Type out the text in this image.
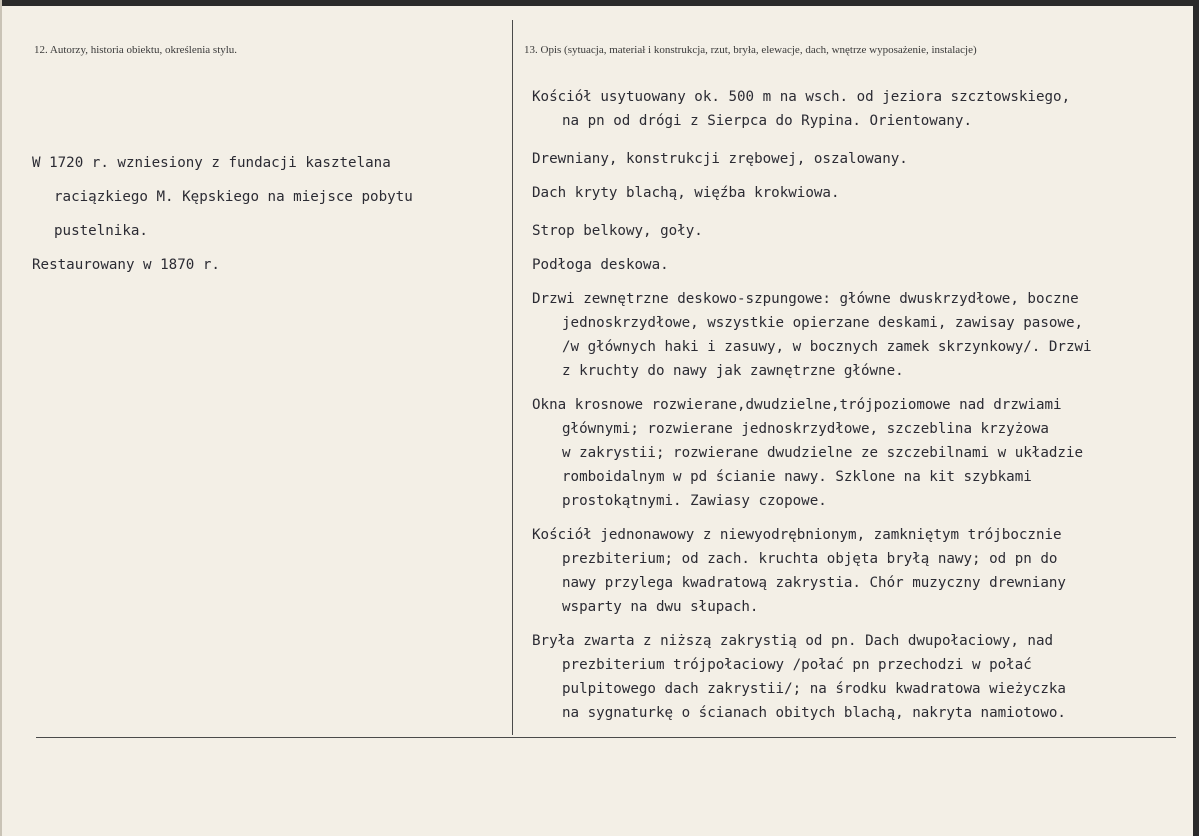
12. Autorzy, historia obiektu, określenia stylu.	13. Opis (sytuacja, materiał i konstrukcja, rzut, bryła, elewacje, dach, wnętrze wyposażenie, instalacje)
W 1720 r. wzniesiony z fundacji kasztelana
raciązkiego M. Kępskiego na miejsce pobytu
pustelnika.
Restaurowany w 1870 r.
Kościół usytuowany ok. 500 m na wsch. od jeziora szcztowskiego,
na pn od drógi z Sierpca do Rypina. Orientowany.
Drewniany, konstrukcji zrębowej, oszalowany.
Dach kryty blachą, więźba krokwiowa.
Strop belkowy, goły.
Podłoga deskowa.
Drzwi zewnętrzne deskowo-szpungowe: główne dwuskrzydłowe, boczne
jednoskrzydłowe, wszystkie opierzane deskami, zawisay pasowe,
/w głównych haki i zasuwy, w bocznych zamek skrzynkowy/. Drzwi
z kruchty do nawy jak zawnętrzne główne.
Okna krosnowe rozwierane,dwudzielne,trójpoziomowe nad drzwiami
głównymi; rozwierane jednoskrzydłowe, szczeblina krzyżowa
w zakrystii; rozwierane dwudzielne ze szczebilnami w układzie
romboidalnym w pd ścianie nawy. Szklone na kit szybkami
prostokątnymi. Zawiasy czopowe.
Kościół jednonawowy z niewyodrębnionym, zamkniętym trójbocznie
prezbiterium; od zach. kruchta objęta bryłą nawy; od pn do
nawy przylega kwadratową zakrystia. Chór muzyczny drewniany
wsparty na dwu słupach.
Bryła zwarta z niższą zakrystią od pn. Dach dwupołaciowy, nad
prezbiterium trójpołaciowy /połać pn przechodzi w połać
pulpitowego dach zakrystii/; na środku kwadratowa wieżyczka
na sygnaturkę o ścianach obitych blachą, nakryta namiotowo.
